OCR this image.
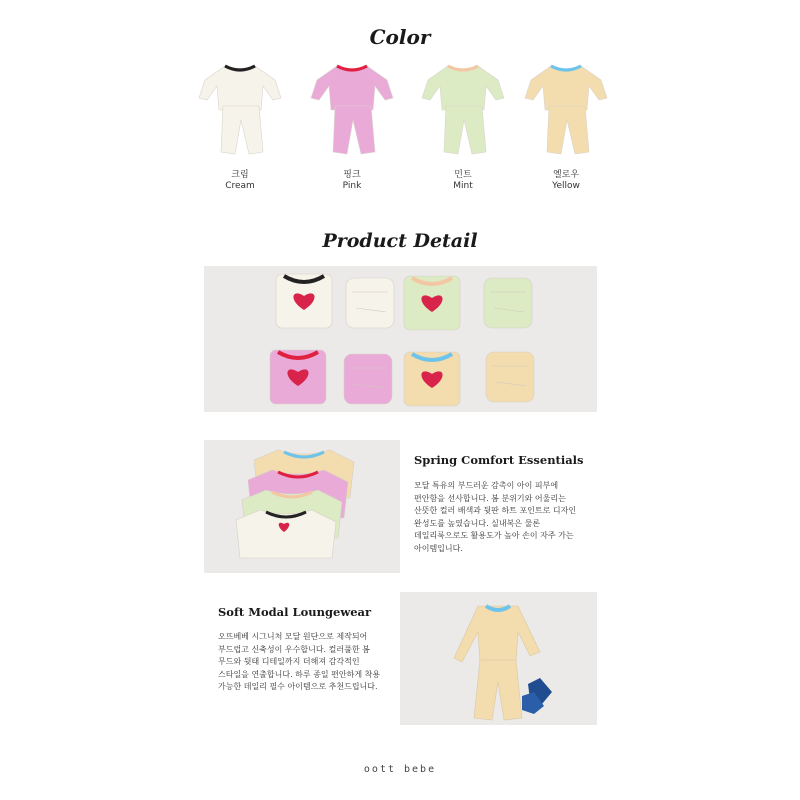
Color
크림
Cream
핑크
Pink
민트
Mint
옐로우
Yellow
Product Detail
Spring Comfort Essentials

모달 특유의 부드러운 감촉이 아이 피부에
편안함을 선사합니다. 봄 분위기와 어울리는
산뜻한 컬러 배색과 뒷판 하트 포인트로 디자인
완성도를 높였습니다. 실내복은 물론
데일리룩으로도 활용도가 높아 손이 자주 가는
아이템입니다.

Soft Modal Loungewear

오뜨베베 시그니처 모달 원단으로 제작되어
부드럽고 신축성이 우수합니다. 컬러풀한 봄
무드와 뒷태 디테일까지 더해져 감각적인
스타일을 연출합니다. 하루 종일 편안하게 착용
가능한 데일리 필수 아이템으로 추천드립니다.

oott bebe
